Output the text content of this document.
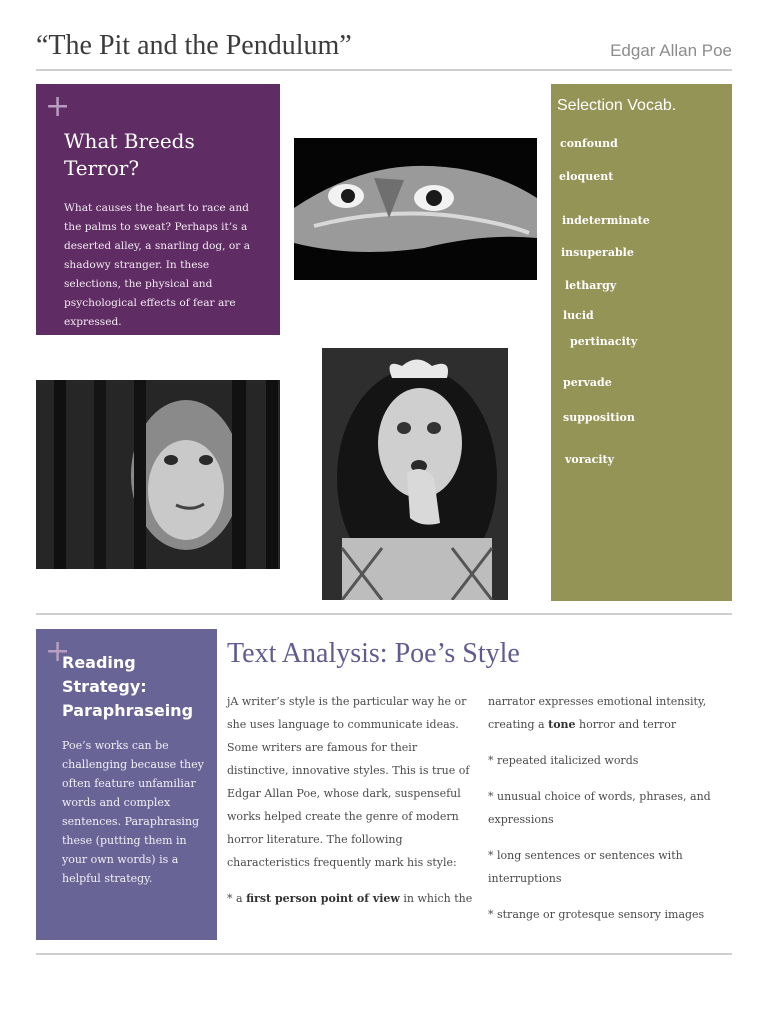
“The Pit and the Pendulum”	Edgar Allan Poe
+
What Breeds Terror?
What causes the heart to race and the palms to sweat? Perhaps it’s a deserted alley, a snarling dog, or a shadowy stranger. In these selections, the physical and psychological effects of fear are expressed.
Selection Vocab.
confound
eloquent
indeterminate
insuperable
lethargy
lucid
pertinacity
pervade
supposition
voracity
+
Reading Strategy: Paraphraseing
Poe’s works can be challenging because they often feature unfamiliar words and complex sentences. Paraphrasing these (putting them in your own words) is a helpful strategy.
Text Analysis: Poe’s Style

jA writer’s style is the particular way he or she uses language to communicate ideas. Some writers are famous for their distinctive, innovative styles. This is true of Edgar Allan Poe, whose dark, suspenseful works helped create the genre of modern horror literature. The following characteristics frequently mark his style:

* a first person point of view in which the

narrator expresses emotional intensity, creating a tone horror and terror

* repeated italicized words

* unusual choice of words, phrases, and expressions

* long sentences or sentences with interruptions

* strange or grotesque sensory images
